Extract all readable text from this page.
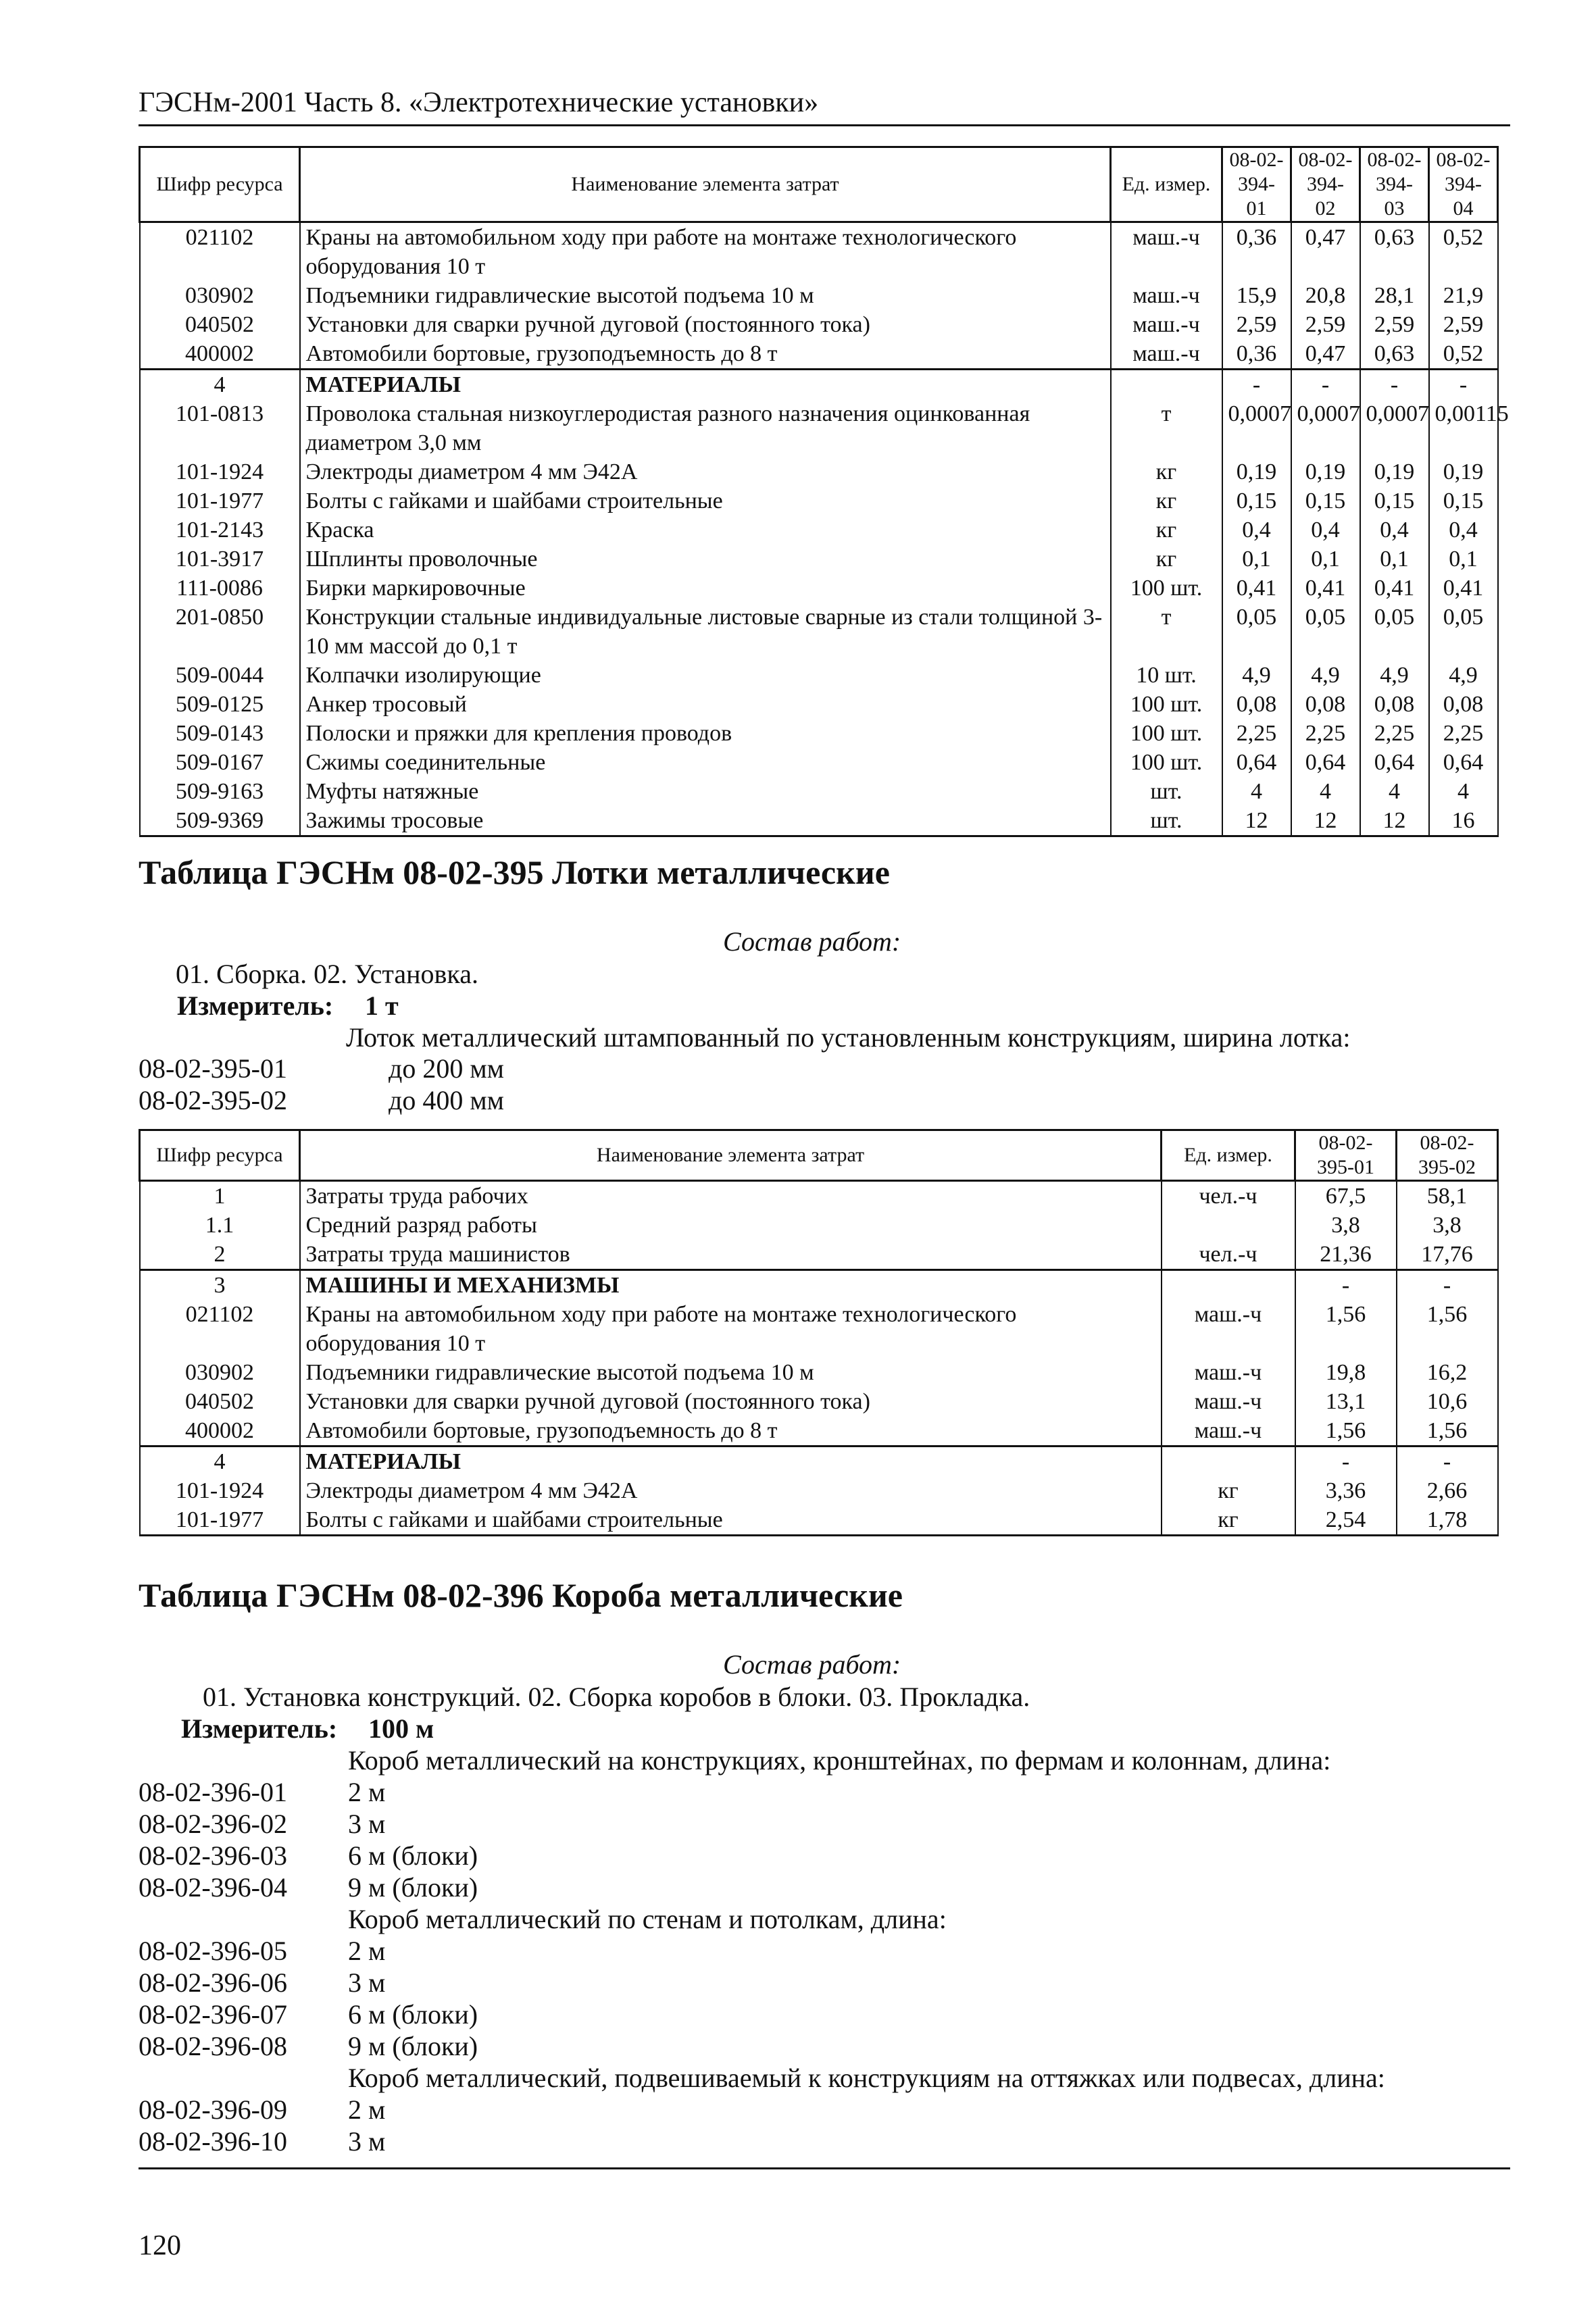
ГЭСНм-2001 Часть 8. «Электротехнические установки»
Шифр ресурса	Наименование элемента затрат	Ед. измер.	08-02-394-01	08-02-394-02	08-02-394-03	08-02-394-04
021102	Краны на автомобильном ходу при работе на монтаже технологического оборудования 10 т	маш.-ч	0,36	0,47	0,63	0,52
030902	Подъемники гидравлические высотой подъема 10 м	маш.-ч	15,9	20,8	28,1	21,9
040502	Установки для сварки ручной дуговой (постоянного тока)	маш.-ч	2,59	2,59	2,59	2,59
400002	Автомобили бортовые, грузоподъемность до 8 т	маш.-ч	0,36	0,47	0,63	0,52
4	МАТЕРИАЛЫ		-	-	-	-
101-0813	Проволока стальная низкоуглеродистая разного назначения оцинкованная диаметром 3,0 мм	т	0,0007	0,0007	0,0007	0,00115
101-1924	Электроды диаметром 4 мм Э42А	кг	0,19	0,19	0,19	0,19
101-1977	Болты с гайками и шайбами строительные	кг	0,15	0,15	0,15	0,15
101-2143	Краска	кг	0,4	0,4	0,4	0,4
101-3917	Шплинты проволочные	кг	0,1	0,1	0,1	0,1
111-0086	Бирки маркировочные	100 шт.	0,41	0,41	0,41	0,41
201-0850	Конструкции стальные индивидуальные листовые сварные из стали толщиной 3-10 мм массой до 0,1 т	т	0,05	0,05	0,05	0,05
509-0044	Колпачки изолирующие	10 шт.	4,9	4,9	4,9	4,9
509-0125	Анкер тросовый	100 шт.	0,08	0,08	0,08	0,08
509-0143	Полоски и пряжки для крепления проводов	100 шт.	2,25	2,25	2,25	2,25
509-0167	Сжимы соединительные	100 шт.	0,64	0,64	0,64	0,64
509-9163	Муфты натяжные	шт.	4	4	4	4
509-9369	Зажимы тросовые	шт.	12	12	12	16
Таблица ГЭСНм 08-02-395 Лотки металлические
Состав работ:
01. Сборка. 02. Установка.
Измеритель: 1 т
Лоток металлический штампованный по установленным конструкциям, ширина лотка:
08-02-395-01	до 200 мм
08-02-395-02	до 400 мм
Шифр ресурса	Наименование элемента затрат	Ед. измер.	08-02-395-01	08-02-395-02
1	Затраты труда рабочих	чел.-ч	67,5	58,1
1.1	Средний разряд работы		3,8	3,8
2	Затраты труда машинистов	чел.-ч	21,36	17,76
3	МАШИНЫ И МЕХАНИЗМЫ		-	-
021102	Краны на автомобильном ходу при работе на монтаже технологического оборудования 10 т	маш.-ч	1,56	1,56
030902	Подъемники гидравлические высотой подъема 10 м	маш.-ч	19,8	16,2
040502	Установки для сварки ручной дуговой (постоянного тока)	маш.-ч	13,1	10,6
400002	Автомобили бортовые, грузоподъемность до 8 т	маш.-ч	1,56	1,56
4	МАТЕРИАЛЫ		-	-
101-1924	Электроды диаметром 4 мм Э42А	кг	3,36	2,66
101-1977	Болты с гайками и шайбами строительные	кг	2,54	1,78
Таблица ГЭСНм 08-02-396 Короба металлические
Состав работ:
01. Установка конструкций. 02. Сборка коробов в блоки. 03. Прокладка.
Измеритель: 100 м
Короб металлический на конструкциях, кронштейнах, по фермам и колоннам, длина:
08-02-396-01	2 м
08-02-396-02	3 м
08-02-396-03	6 м (блоки)
08-02-396-04	9 м (блоки)
Короб металлический по стенам и потолкам, длина:
08-02-396-05	2 м
08-02-396-06	3 м
08-02-396-07	6 м (блоки)
08-02-396-08	9 м (блоки)
Короб металлический, подвешиваемый к конструкциям на оттяжках или подвесах, длина:
08-02-396-09	2 м
08-02-396-10	3 м
120
